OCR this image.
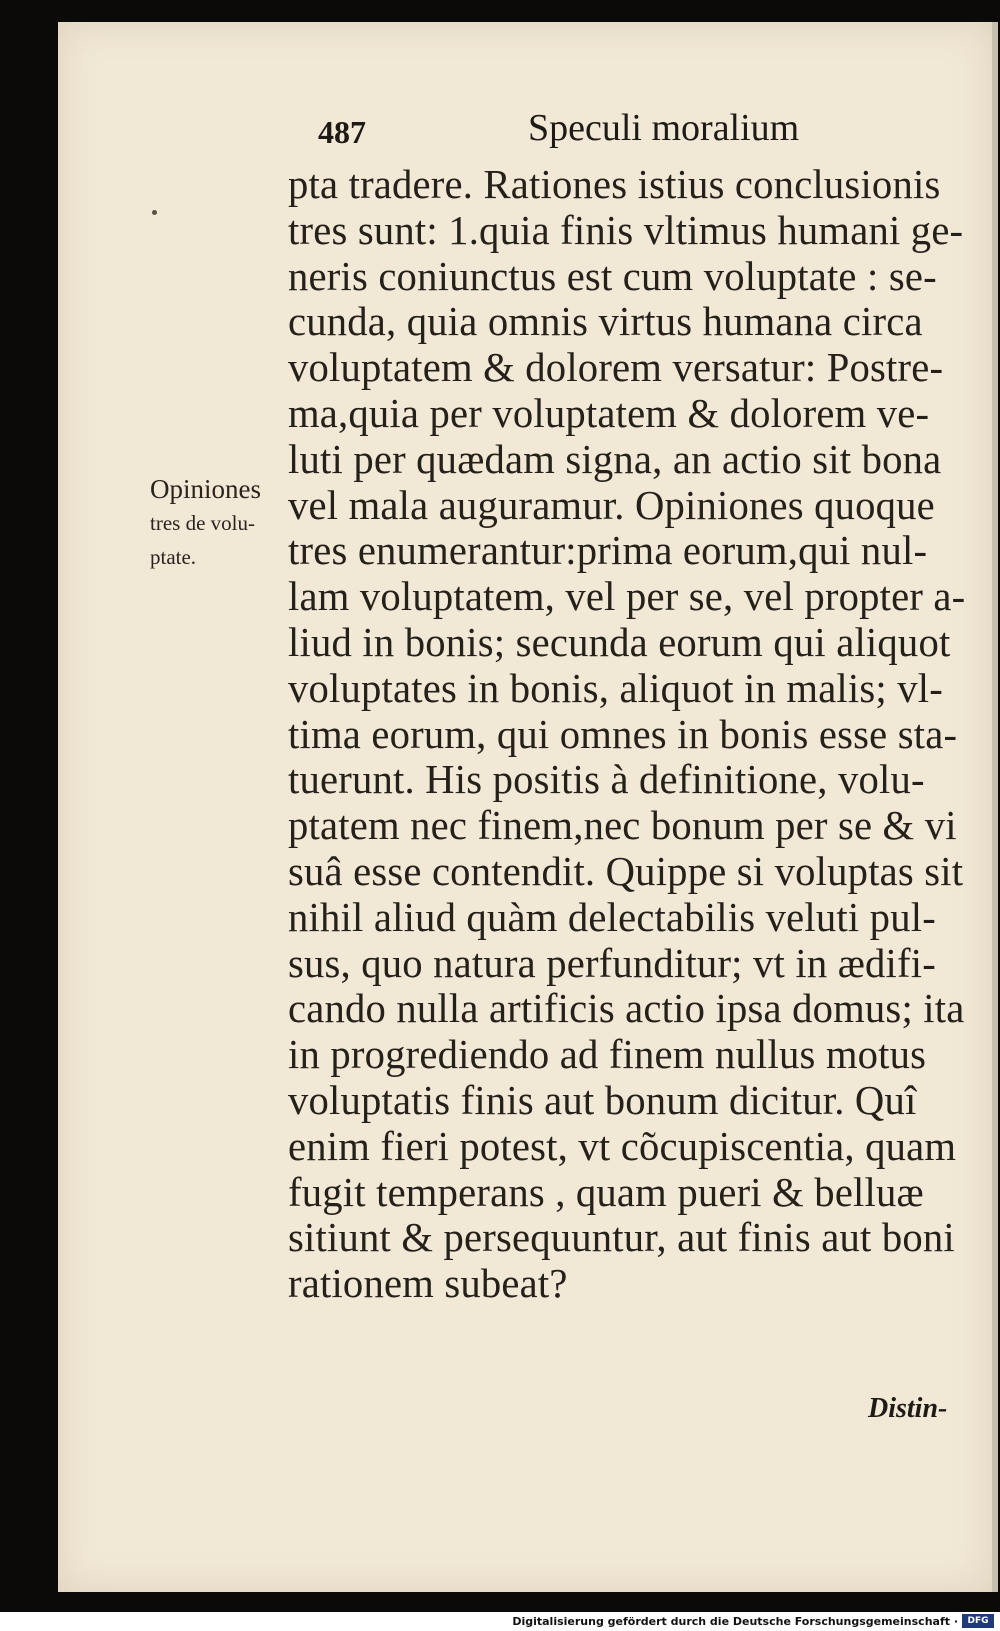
487	Speculi moralium
Opiniones
tres de volu-
ptate.
pta tradere. Rationes istius conclusionis
tres sunt: 1.quia finis vltimus humani ge-
neris coniunctus est cum voluptate : se-
cunda, quia omnis virtus humana circa
voluptatem & dolorem versatur: Postre-
ma,quia per voluptatem & dolorem ve-
luti per quædam signa, an actio sit bona
vel mala auguramur. Opiniones quoque
tres enumerantur:prima eorum,qui nul-
lam voluptatem, vel per se, vel propter a-
liud in bonis; secunda eorum qui aliquot
voluptates in bonis, aliquot in malis; vl-
tima eorum, qui omnes in bonis esse sta-
tuerunt. His positis à definitione, volu-
ptatem nec finem,nec bonum per se & vi
suâ esse contendit. Quippe si voluptas sit
nihil aliud quàm delectabilis veluti pul-
sus, quo natura perfunditur; vt in ædifi-
cando nulla artificis actio ipsa domus; ita
in progrediendo ad finem nullus motus
voluptatis finis aut bonum dicitur. Quî
enim fieri potest, vt cõcupiscentia, quam
fugit temperans , quam pueri & belluæ
sitiunt & persequuntur, aut finis aut boni
rationem subeat?
Distin-
Digitalisierung gefördert durch die Deutsche Forschungsgemeinschaft ·	DFG
